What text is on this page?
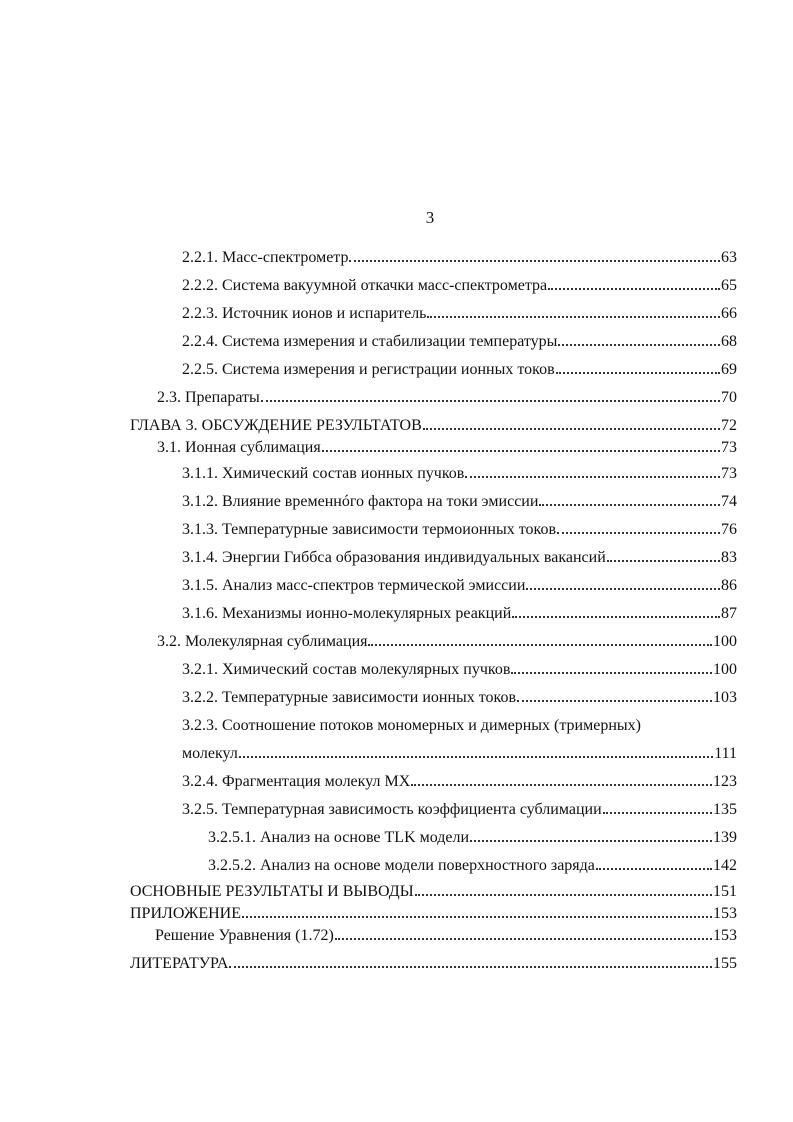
3
2.2.1. Масс-спектрометр	63
2.2.2. Система вакуумной откачки масс-спектрометра	65
2.2.3. Источник ионов и испаритель	66
2.2.4. Система измерения и стабилизации температуры	68
2.2.5. Система измерения и регистрации ионных токов	69
2.3. Препараты	70
ГЛАВА 3. ОБСУЖДЕНИЕ РЕЗУЛЬТАТОВ	72
3.1. Ионная сублимация	73
3.1.1. Химический состав ионных пучков	73
3.1.2. Влияние временнóго фактора на токи эмиссии	74
3.1.3. Температурные зависимости термоионных токов	76
3.1.4. Энергии Гиббса образования индивидуальных вакансий	83
3.1.5. Анализ масс-спектров термической эмиссии	86
3.1.6. Механизмы ионно-молекулярных реакций	87
3.2. Молекулярная сублимация	100
3.2.1. Химический состав молекулярных пучков	100
3.2.2. Температурные зависимости ионных токов	103
3.2.3. Соотношение потоков мономерных и димерных (тримерных)
молекул	111
3.2.4. Фрагментация молекул MX	123
3.2.5. Температурная зависимость коэффициента сублимации	135
3.2.5.1. Анализ на основе TLK модели	139
3.2.5.2. Анализ на основе модели поверхностного заряда	142
ОСНОВНЫЕ РЕЗУЛЬТАТЫ И ВЫВОДЫ	151
ПРИЛОЖЕНИЕ	153
Решение Уравнения (1.72)	153
ЛИТЕРАТУРА	155
